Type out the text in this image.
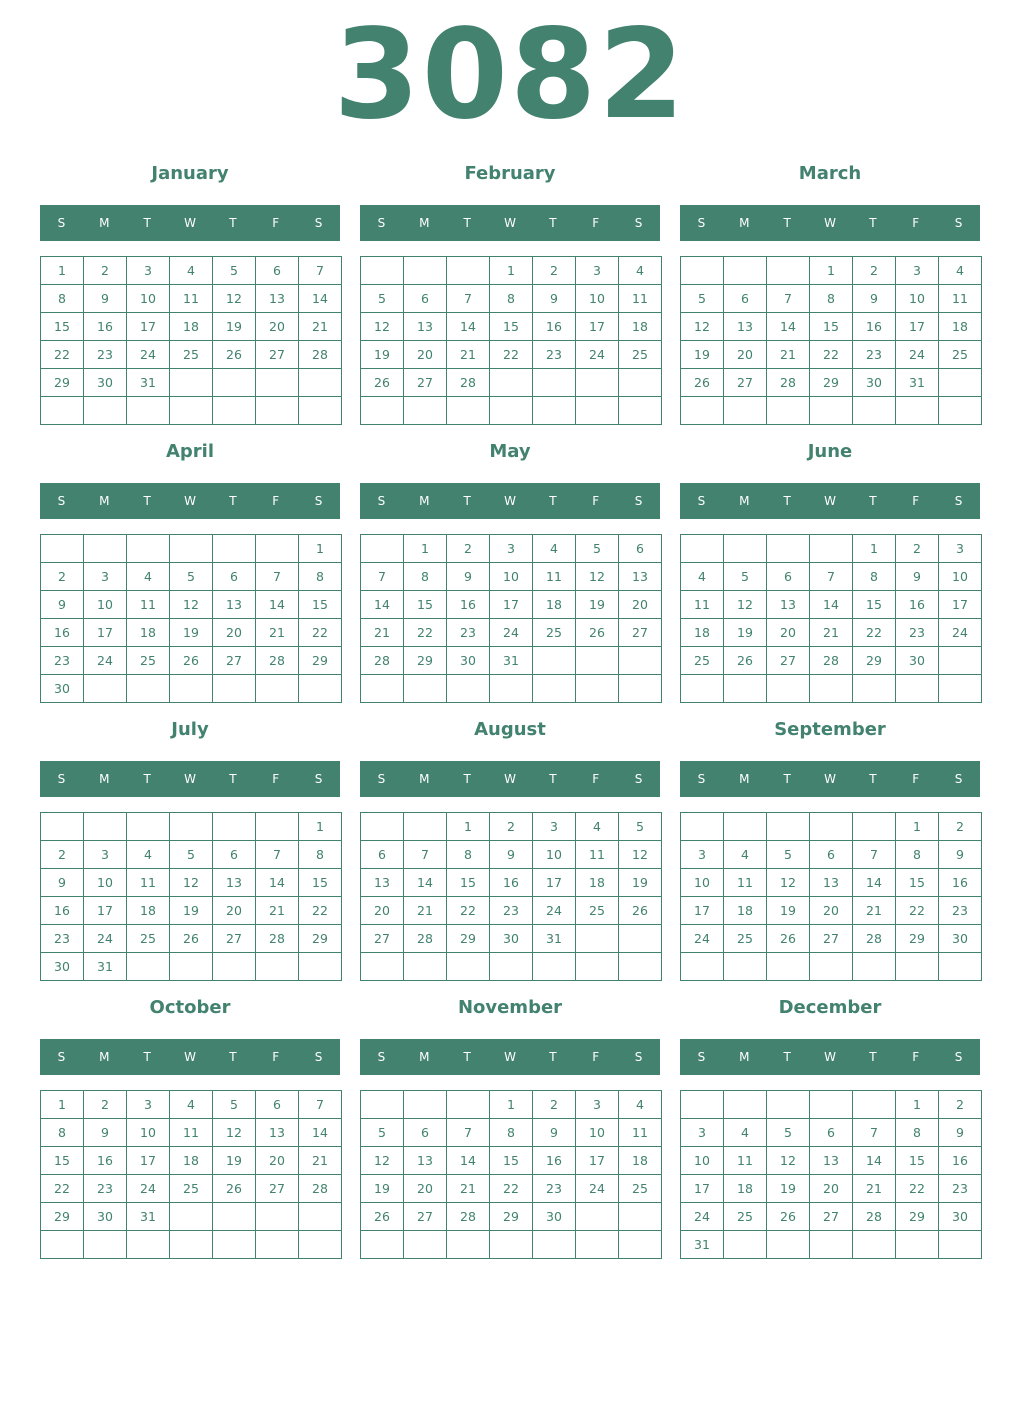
3082
January
S	M	T	W	T	F	S
1	2	3	4	5	6	7
8	9	10	11	12	13	14
15	16	17	18	19	20	21
22	23	24	25	26	27	28
29	30	31				

February
S	M	T	W	T	F	S
			1	2	3	4
5	6	7	8	9	10	11
12	13	14	15	16	17	18
19	20	21	22	23	24	25
26	27	28				

March
S	M	T	W	T	F	S
			1	2	3	4
5	6	7	8	9	10	11
12	13	14	15	16	17	18
19	20	21	22	23	24	25
26	27	28	29	30	31	

April
S	M	T	W	T	F	S
						1
2	3	4	5	6	7	8
9	10	11	12	13	14	15
16	17	18	19	20	21	22
23	24	25	26	27	28	29
30						
May
S	M	T	W	T	F	S
	1	2	3	4	5	6
7	8	9	10	11	12	13
14	15	16	17	18	19	20
21	22	23	24	25	26	27
28	29	30	31			

June
S	M	T	W	T	F	S
				1	2	3
4	5	6	7	8	9	10
11	12	13	14	15	16	17
18	19	20	21	22	23	24
25	26	27	28	29	30	

July
S	M	T	W	T	F	S
						1
2	3	4	5	6	7	8
9	10	11	12	13	14	15
16	17	18	19	20	21	22
23	24	25	26	27	28	29
30	31					
August
S	M	T	W	T	F	S
		1	2	3	4	5
6	7	8	9	10	11	12
13	14	15	16	17	18	19
20	21	22	23	24	25	26
27	28	29	30	31		

September
S	M	T	W	T	F	S
					1	2
3	4	5	6	7	8	9
10	11	12	13	14	15	16
17	18	19	20	21	22	23
24	25	26	27	28	29	30

October
S	M	T	W	T	F	S
1	2	3	4	5	6	7
8	9	10	11	12	13	14
15	16	17	18	19	20	21
22	23	24	25	26	27	28
29	30	31				

November
S	M	T	W	T	F	S
			1	2	3	4
5	6	7	8	9	10	11
12	13	14	15	16	17	18
19	20	21	22	23	24	25
26	27	28	29	30		

December
S	M	T	W	T	F	S
					1	2
3	4	5	6	7	8	9
10	11	12	13	14	15	16
17	18	19	20	21	22	23
24	25	26	27	28	29	30
31						
